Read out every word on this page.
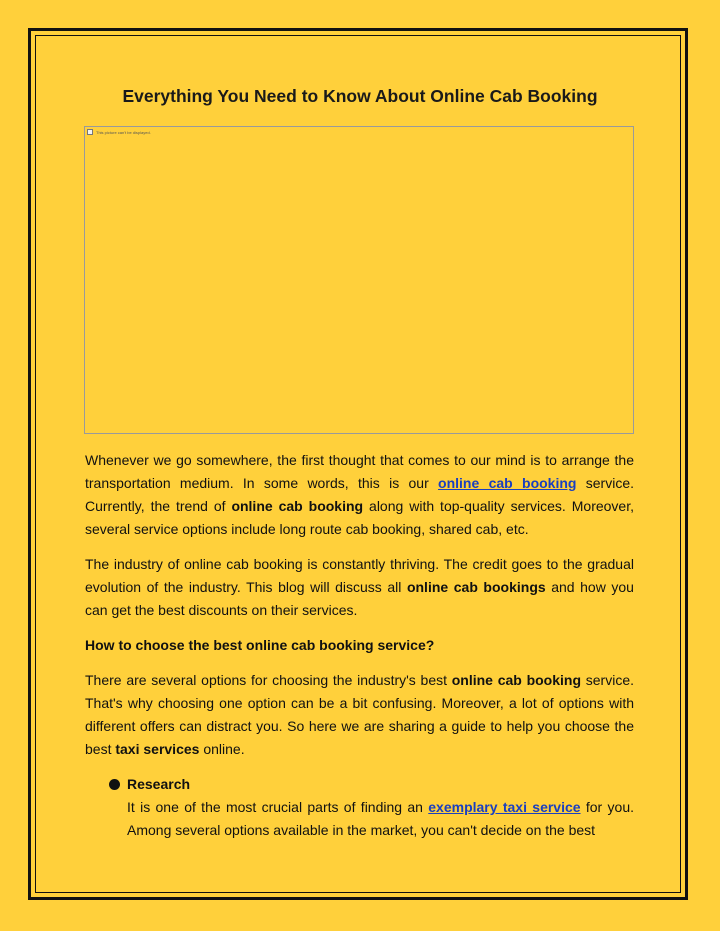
Everything You Need to Know About Online Cab Booking
This picture can't be displayed.

Whenever we go somewhere, the first thought that comes to our mind is to arrange the transportation medium. In some words, this is our online cab booking service. Currently, the trend of online cab booking along with top-quality services. Moreover, several service options include long route cab booking, shared cab, etc.

The industry of online cab booking is constantly thriving. The credit goes to the gradual evolution of the industry. This blog will discuss all online cab bookings and how you can get the best discounts on their services.

How to choose the best online cab booking service?

There are several options for choosing the industry's best online cab booking service. That's why choosing one option can be a bit confusing. Moreover, a lot of options with different offers can distract you. So here we are sharing a guide to help you choose the best taxi services online.

Research
It is one of the most crucial parts of finding an exemplary taxi service for you. Among several options available in the market, you can't decide on the best
